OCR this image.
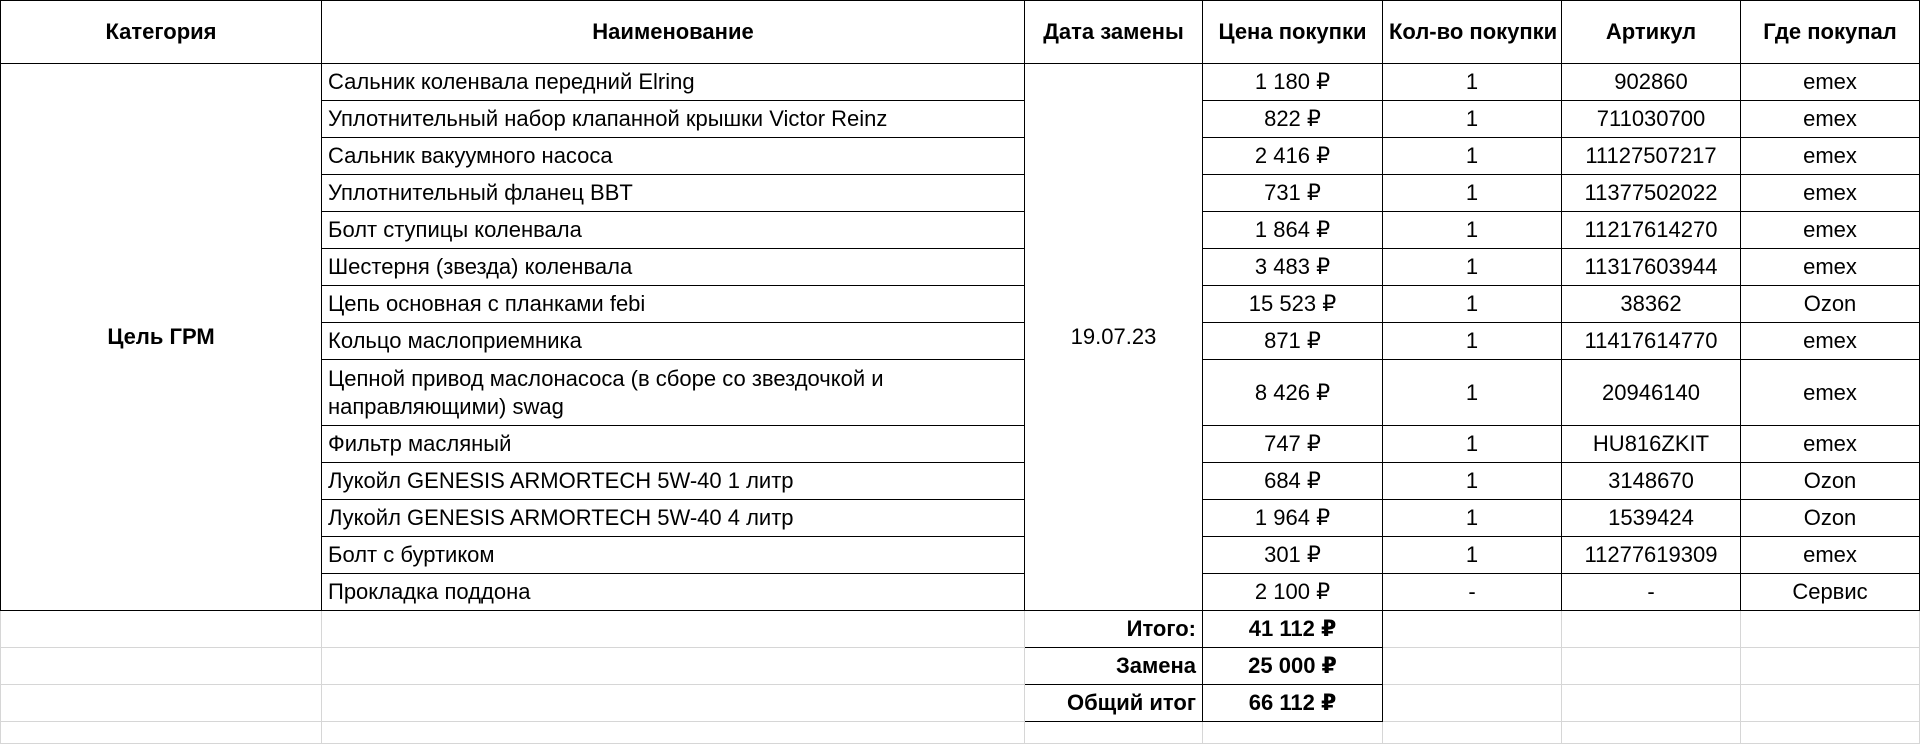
Категория	Наименование	Дата замены	Цена покупки	Кол-во покупки	Артикул	Где покупал
Цель ГРМ	Сальник коленвала передний Elring	19.07.23	1 180 ₽	1	902860	emex
	Уплотнительный набор клапанной крышки Victor Reinz		822 ₽	1	711030700	emex
	Сальник вакуумного насоса		2 416 ₽	1	11127507217	emex
	Уплотнительный фланец BBT		731 ₽	1	11377502022	emex
	Болт ступицы коленвала		1 864 ₽	1	11217614270	emex
	Шестерня (звезда) коленвала		3 483 ₽	1	11317603944	emex
	Цепь основная с планками febi		15 523 ₽	1	38362	Ozon
	Кольцо маслоприемника		871 ₽	1	11417614770	emex
	Цепной привод маслонасоса (в сборе со звездочкой и направляющими) swag		8 426 ₽	1	20946140	emex
	Фильтр масляный		747 ₽	1	HU816ZKIT	emex
	Лукойл GENESIS ARMORTECH 5W-40 1 литр		684 ₽	1	3148670	Ozon
	Лукойл GENESIS ARMORTECH 5W-40 4 литр		1 964 ₽	1	1539424	Ozon
	Болт с буртиком		301 ₽	1	11277619309	emex
	Прокладка поддона		2 100 ₽	-	-	Сервис
		Итого:	41 112 ₽			
		Замена	25 000 ₽			
		Общий итог	66 112 ₽			
